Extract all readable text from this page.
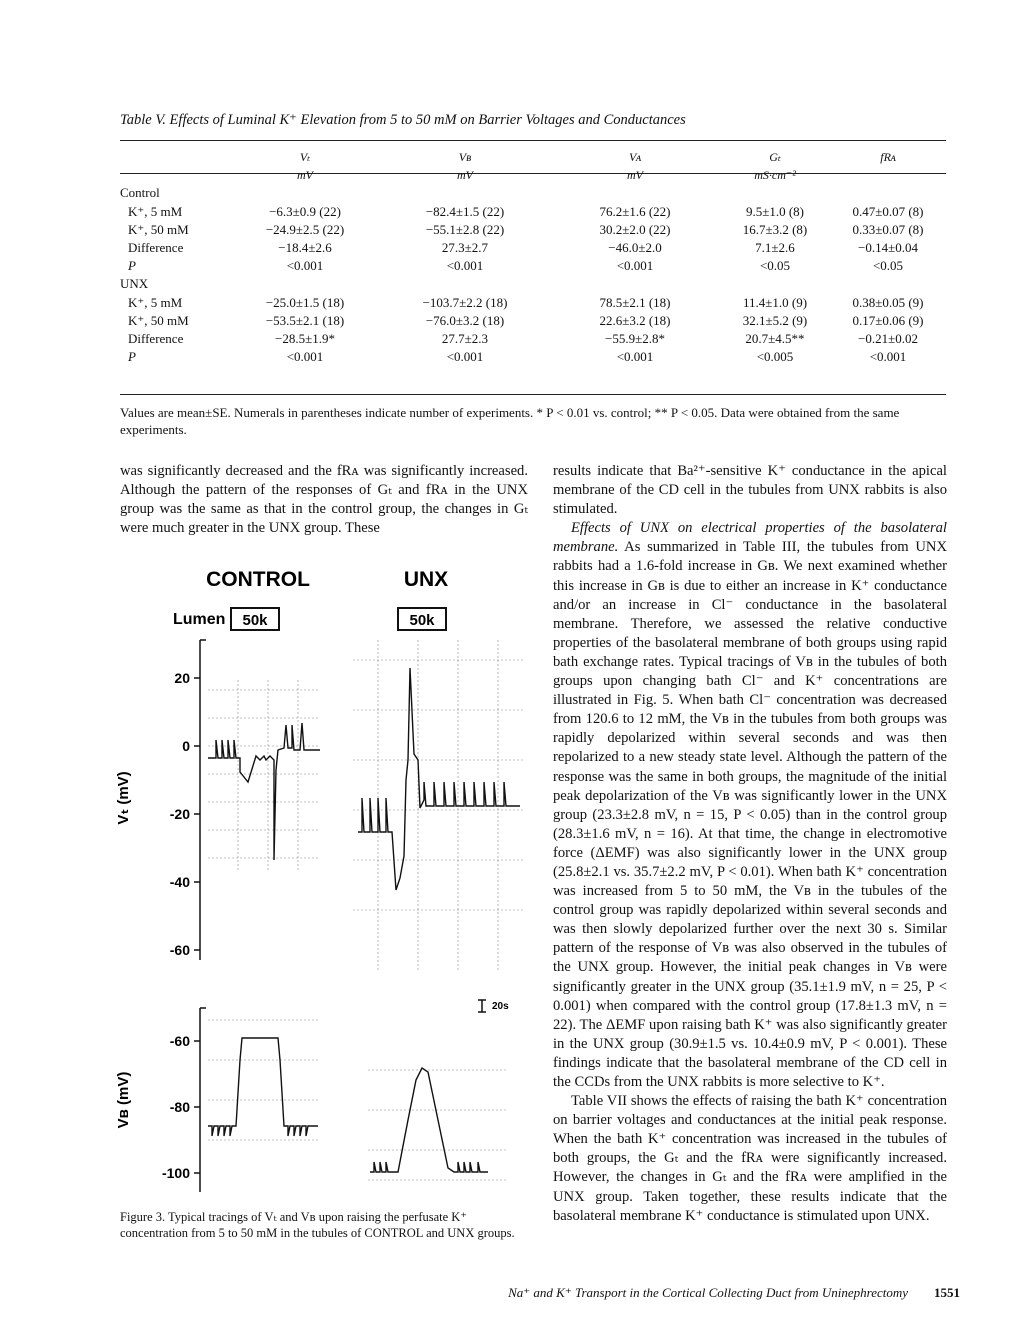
Table V. Effects of Luminal K⁺ Elevation from 5 to 50 mM on Barrier Voltages and Conductances
	Vₜ	Vʙ	Vᴀ	Gₜ	fRᴀ
	mV	mV	mV	mS·cm⁻²	
Control					
K⁺, 5 mM	−6.3±0.9 (22)	−82.4±1.5 (22)	76.2±1.6 (22)	9.5±1.0 (8)	0.47±0.07 (8)
K⁺, 50 mM	−24.9±2.5 (22)	−55.1±2.8 (22)	30.2±2.0 (22)	16.7±3.2 (8)	0.33±0.07 (8)
Difference	−18.4±2.6	27.3±2.7	−46.0±2.0	7.1±2.6	−0.14±0.04
P	<0.001	<0.001	<0.001	<0.05	<0.05
UNX					
K⁺, 5 mM	−25.0±1.5 (18)	−103.7±2.2 (18)	78.5±2.1 (18)	11.4±1.0 (9)	0.38±0.05 (9)
K⁺, 50 mM	−53.5±2.1 (18)	−76.0±3.2 (18)	22.6±3.2 (18)	32.1±5.2 (9)	0.17±0.06 (9)
Difference	−28.5±1.9*	27.7±2.3	−55.9±2.8*	20.7±4.5**	−0.21±0.02
P	<0.001	<0.001	<0.001	<0.005	<0.001
Values are mean±SE. Numerals in parentheses indicate number of experiments. * P < 0.01 vs. control; ** P < 0.05. Data were obtained from the same experiments.

was significantly decreased and the fRᴀ was significantly increased. Although the pattern of the responses of Gₜ and fRᴀ in the UNX group was the same as that in the control group, the changes in Gₜ were much greater in the UNX group. These

CONTROL	UNX
Lumen 50k	50k
20
0
-20
-40
-60
Vₜ (mV)
20s
-60
-80
-100
Vʙ (mV)
Figure 3. Typical tracings of Vₜ and Vʙ upon raising the perfusate K⁺ concentration from 5 to 50 mM in the tubules of CONTROL and UNX groups.

results indicate that Ba²⁺-sensitive K⁺ conductance in the apical membrane of the CD cell in the tubules from UNX rabbits is also stimulated.

Effects of UNX on electrical properties of the basolateral membrane. As summarized in Table III, the tubules from UNX rabbits had a 1.6-fold increase in Gʙ. We next examined whether this increase in Gʙ is due to either an increase in K⁺ conductance and/or an increase in Cl⁻ conductance in the basolateral membrane. Therefore, we assessed the relative conductive properties of the basolateral membrane of both groups using rapid bath exchange rates. Typical tracings of Vʙ in the tubules of both groups upon changing bath Cl⁻ and K⁺ concentrations are illustrated in Fig. 5. When bath Cl⁻ concentration was decreased from 120.6 to 12 mM, the Vʙ in the tubules from both groups was rapidly depolarized within several seconds and was then repolarized to a new steady state level. Although the pattern of the response was the same in both groups, the magnitude of the initial peak depolarization of the Vʙ was significantly lower in the UNX group (23.3±2.8 mV, n = 15, P < 0.05) than in the control group (28.3±1.6 mV, n = 16). At that time, the change in electromotive force (ΔEMF) was also significantly lower in the UNX group (25.8±2.1 vs. 35.7±2.2 mV, P < 0.01). When bath K⁺ concentration was increased from 5 to 50 mM, the Vʙ in the tubules of the control group was rapidly depolarized within several seconds and was then slowly depolarized further over the next 30 s. Similar pattern of the response of Vʙ was also observed in the tubules of the UNX group. However, the initial peak changes in Vʙ were significantly greater in the UNX group (35.1±1.9 mV, n = 25, P < 0.001) when compared with the control group (17.8±1.3 mV, n = 22). The ΔEMF upon raising bath K⁺ was also significantly greater in the UNX group (30.9±1.5 vs. 10.4±0.9 mV, P < 0.001). These findings indicate that the basolateral membrane of the CD cell in the CCDs from the UNX rabbits is more selective to K⁺.

Table VII shows the effects of raising the bath K⁺ concentration on barrier voltages and conductances at the initial peak response. When the bath K⁺ concentration was increased in the tubules of both groups, the Gₜ and the fRᴀ were significantly increased. However, the changes in Gₜ and the fRᴀ were amplified in the UNX group. Taken together, these results indicate that the basolateral membrane K⁺ conductance is stimulated upon UNX.

Na⁺ and K⁺ Transport in the Cortical Collecting Duct from Uninephrectomy 1551
